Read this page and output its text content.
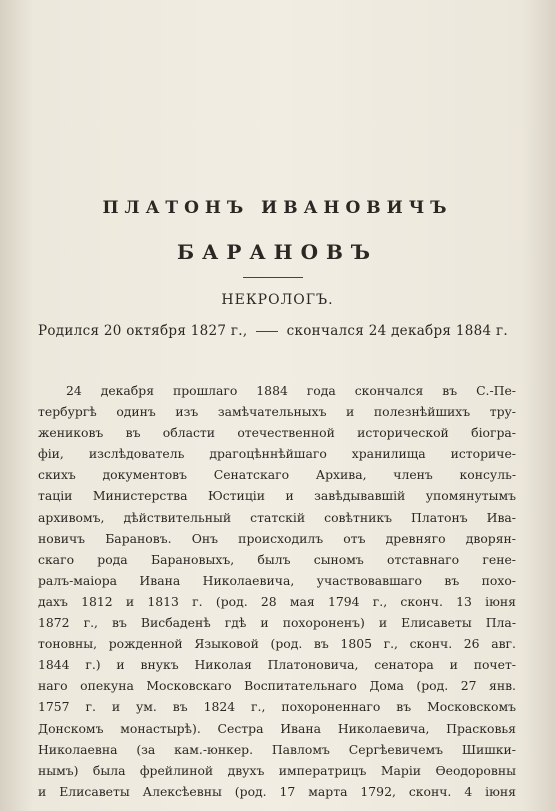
ПЛАТОНЪ ИВАНОВИЧЪ
БАРАНОВЪ
НЕКРОЛОГЪ.
Родился 20 октября 1827 г.,	скончался 24 декабря 1884 г.
24 декабря прошлаго 1884 года скончался въ С.-Пе-
тербургѣ одинъ изъ замѣчательныхъ и полезнѣйшихъ тру-
жениковъ въ области отечественной исторической біогра-
фіи, изслѣдователь драгоцѣннѣйшаго хранилища историче-
скихъ документовъ Сенатскаго Архива, членъ консуль-
таціи Министерства Юстиціи и завѣдывавшій упомянутымъ
архивомъ, дѣйствительный статскій совѣтникъ Платонъ Ива-
новичъ Барановъ. Онъ происходилъ отъ древняго дворян-
скаго рода Барановыхъ, былъ сыномъ отставнаго гене-
ралъ-маіора Ивана Николаевича, участвовавшаго въ похо-
дахъ 1812 и 1813 г. (род. 28 мая 1794 г., сконч. 13 іюня
1872 г., въ Висбаденѣ гдѣ и похороненъ) и Елисаветы Пла-
тоновны, рожденной Языковой (род. въ 1805 г., сконч. 26 авг.
1844 г.) и внукъ Николая Платоновича, сенатора и почет-
наго опекуна Московскаго Воспитательнаго Дома (род. 27 янв.
1757 г. и ум. въ 1824 г., похороненнаго въ Московскомъ
Донскомъ монастырѣ). Сестра Ивана Николаевича, Прасковья
Николаевна (за кам.-юнкер. Павломъ Сергѣевичемъ Шишки-
нымъ) была фрейлиной двухъ императрицъ Маріи Ѳеодоровны
и Елисаветы Алексѣевны (род. 17 марта 1792, сконч. 4 іюня
